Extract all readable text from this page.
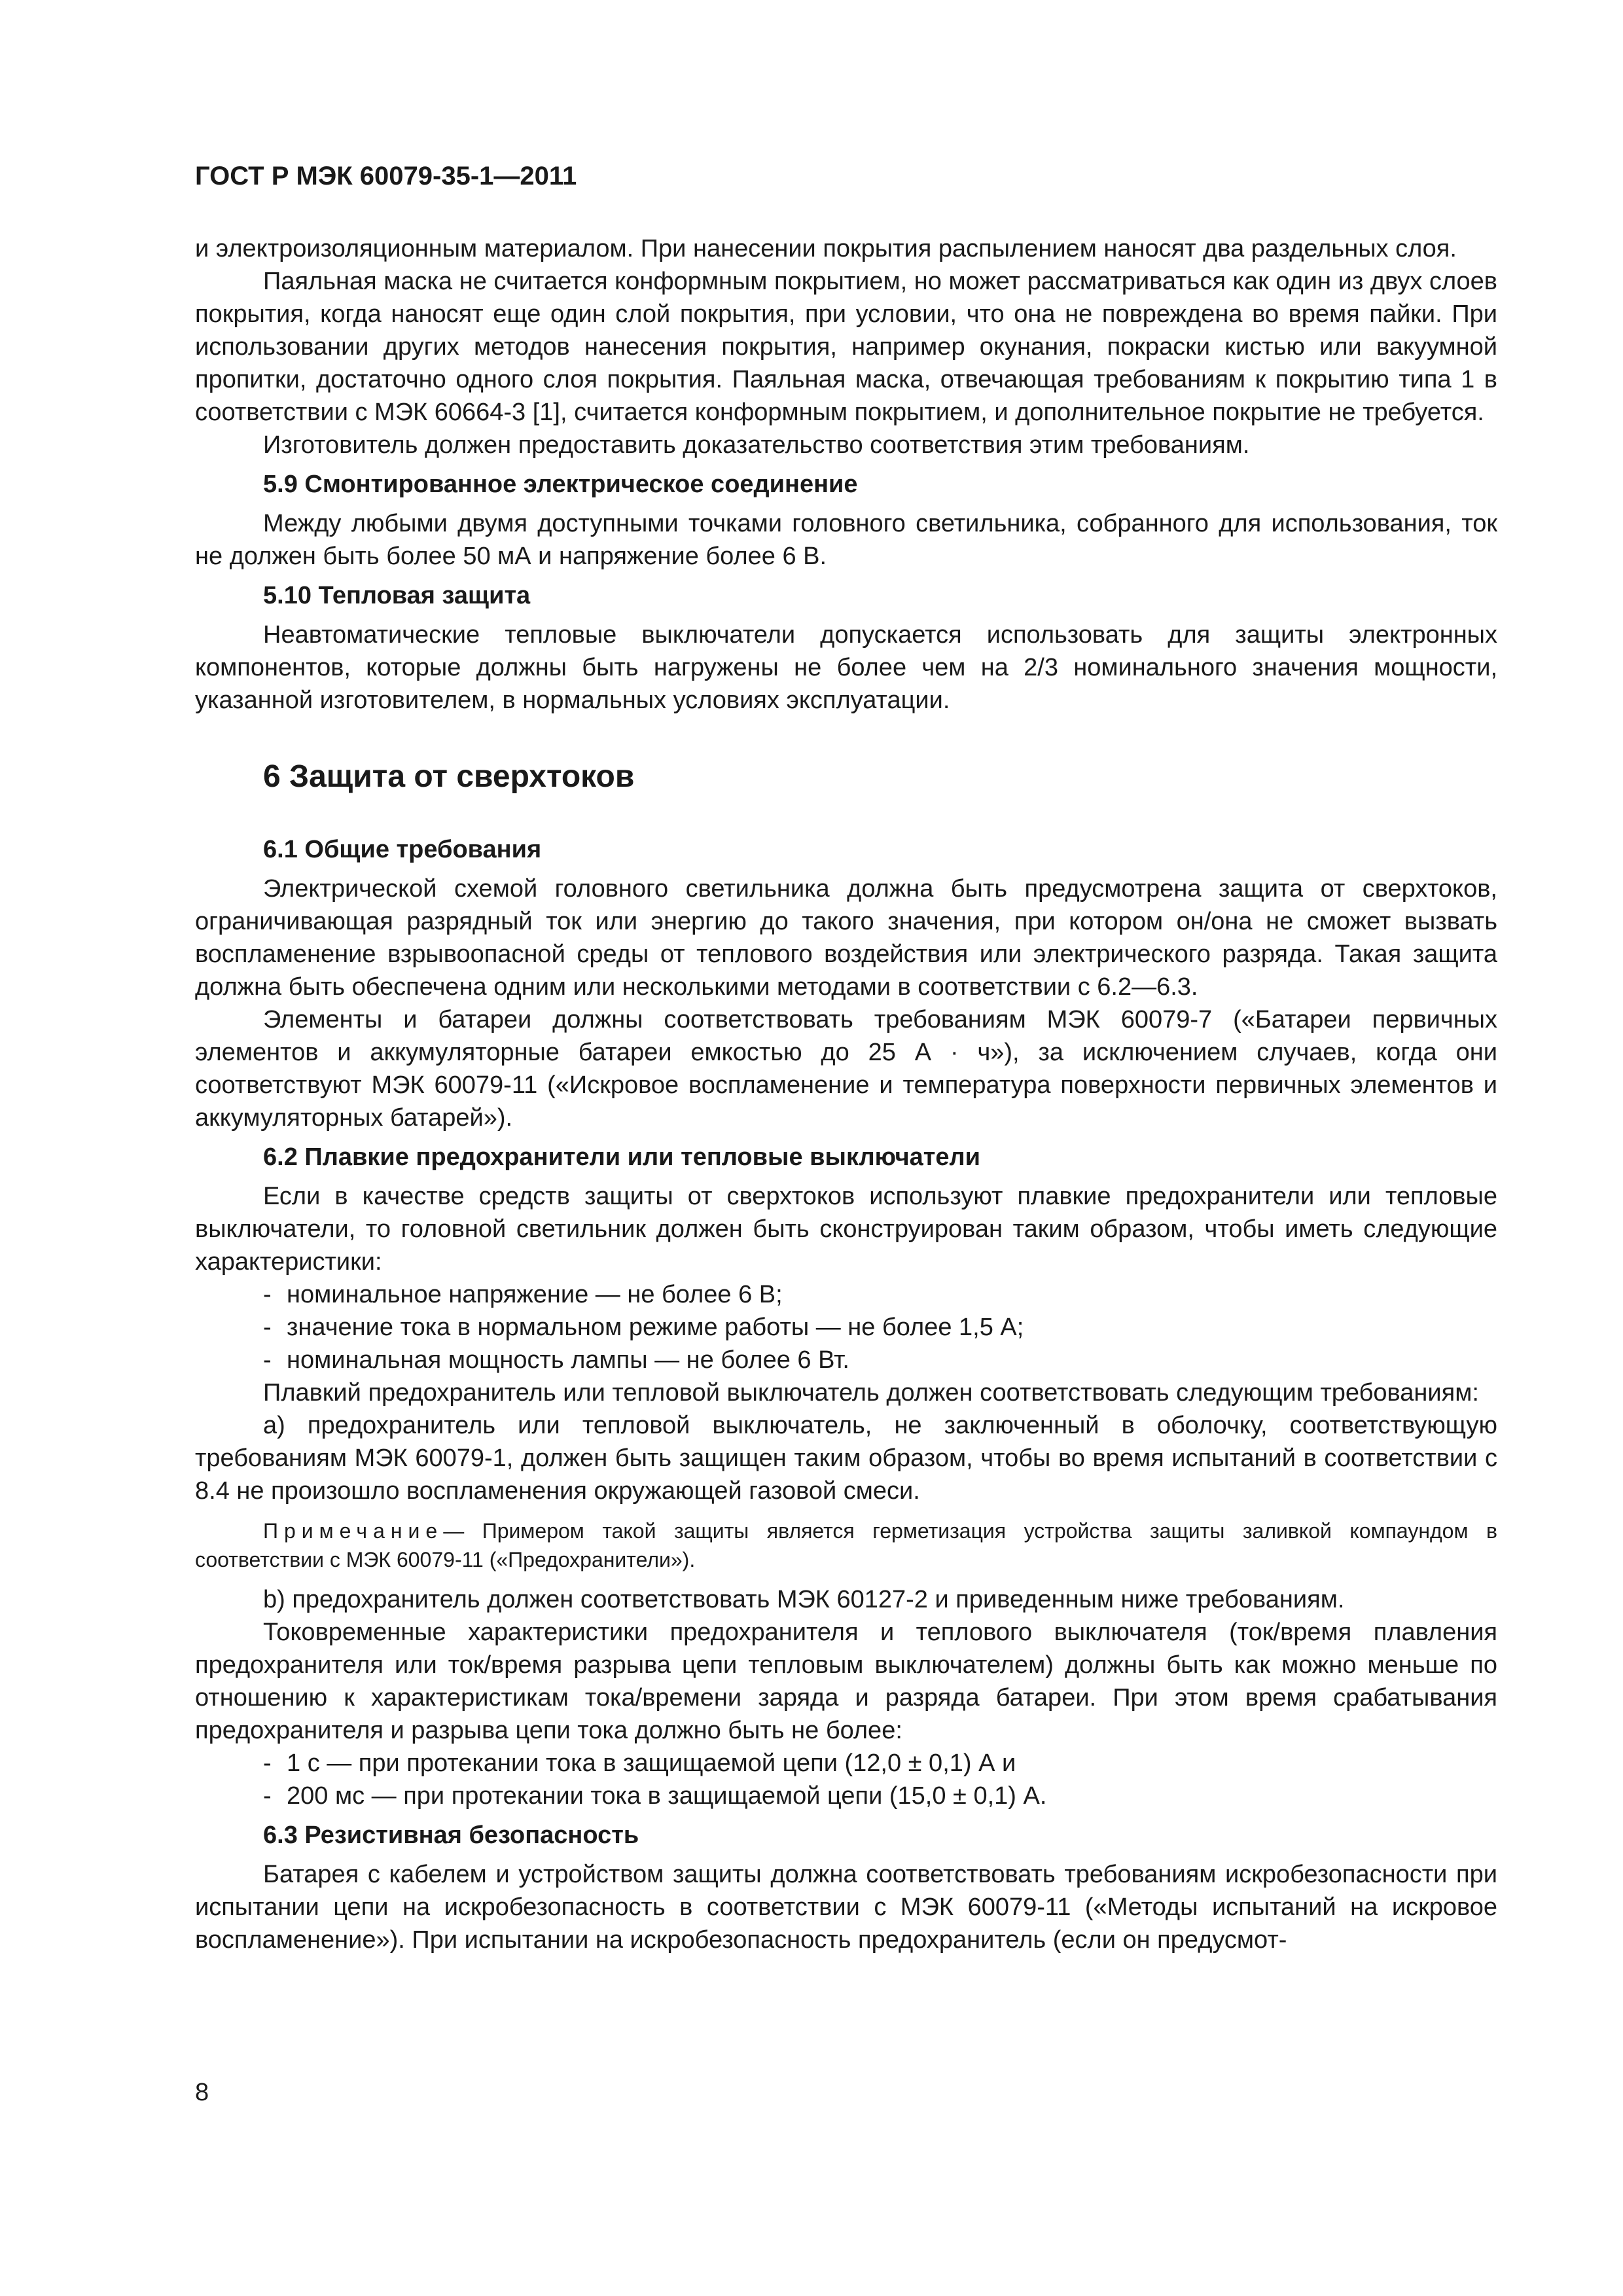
ГОСТ Р МЭК 60079-35-1—2011

и электроизоляционным материалом. При нанесении покрытия распылением наносят два раздельных слоя.

Паяльная маска не считается конформным покрытием, но может рассматриваться как один из двух слоев покрытия, когда наносят еще один слой покрытия, при условии, что она не повреждена во время пайки. При использовании других методов нанесения покрытия, например окунания, покраски кистью или вакуумной пропитки, достаточно одного слоя покрытия. Паяльная маска, отвечающая требованиям к покрытию типа 1 в соответствии с МЭК 60664-3 [1], считается конформным покрытием, и дополнительное покрытие не требуется.

Изготовитель должен предоставить доказательство соответствия этим требованиям.

5.9 Смонтированное электрическое соединение

Между любыми двумя доступными точками головного светильника, собранного для использования, ток не должен быть более 50 мА и напряжение более 6 В.

5.10 Тепловая защита

Неавтоматические тепловые выключатели допускается использовать для защиты электронных компонентов, которые должны быть нагружены не более чем на 2/3 номинального значения мощности, указанной изготовителем, в нормальных условиях эксплуатации.

6 Защита от сверхтоков
6.1 Общие требования

Электрической схемой головного светильника должна быть предусмотрена защита от сверхтоков, ограничивающая разрядный ток или энергию до такого значения, при котором он/она не сможет вызвать воспламенение взрывоопасной среды от теплового воздействия или электрического разряда. Такая защита должна быть обеспечена одним или несколькими методами в соответствии с 6.2—6.3.

Элементы и батареи должны соответствовать требованиям МЭК 60079-7 («Батареи первичных элементов и аккумуляторные батареи емкостью до 25 А · ч»), за исключением случаев, когда они соответствуют МЭК 60079-11 («Искровое воспламенение и температура поверхности первичных элементов и аккумуляторных батарей»).

6.2 Плавкие предохранители или тепловые выключатели

Если в качестве средств защиты от сверхтоков используют плавкие предохранители или тепловые выключатели, то головной светильник должен быть сконструирован таким образом, чтобы иметь следующие характеристики:

- номинальное напряжение — не более 6 В;
- значение тока в нормальном режиме работы — не более 1,5 А;
- номинальная мощность лампы — не более 6 Вт.

Плавкий предохранитель или тепловой выключатель должен соответствовать следующим требованиям:

a) предохранитель или тепловой выключатель, не заключенный в оболочку, соответствующую требованиям МЭК 60079-1, должен быть защищен таким образом, чтобы во время испытаний в соответствии с 8.4 не произошло воспламенения окружающей газовой смеси.

Примечание— Примером такой защиты является герметизация устройства защиты заливкой компаундом в соответствии с МЭК 60079-11 («Предохранители»).

b) предохранитель должен соответствовать МЭК 60127-2 и приведенным ниже требованиям.

Токовременные характеристики предохранителя и теплового выключателя (ток/время плавления предохранителя или ток/время разрыва цепи тепловым выключателем) должны быть как можно меньше по отношению к характеристикам тока/времени заряда и разряда батареи. При этом время срабатывания предохранителя и разрыва цепи тока должно быть не более:

- 1 с — при протекании тока в защищаемой цепи (12,0 ± 0,1) А и
- 200 мс — при протекании тока в защищаемой цепи (15,0 ± 0,1) А.
6.3 Резистивная безопасность

Батарея с кабелем и устройством защиты должна соответствовать требованиям искробезопасности при испытании цепи на искробезопасность в соответствии с МЭК 60079-11 («Методы испытаний на искровое воспламенение»). При испытании на искробезопасность предохранитель (если он предусмот-

8
